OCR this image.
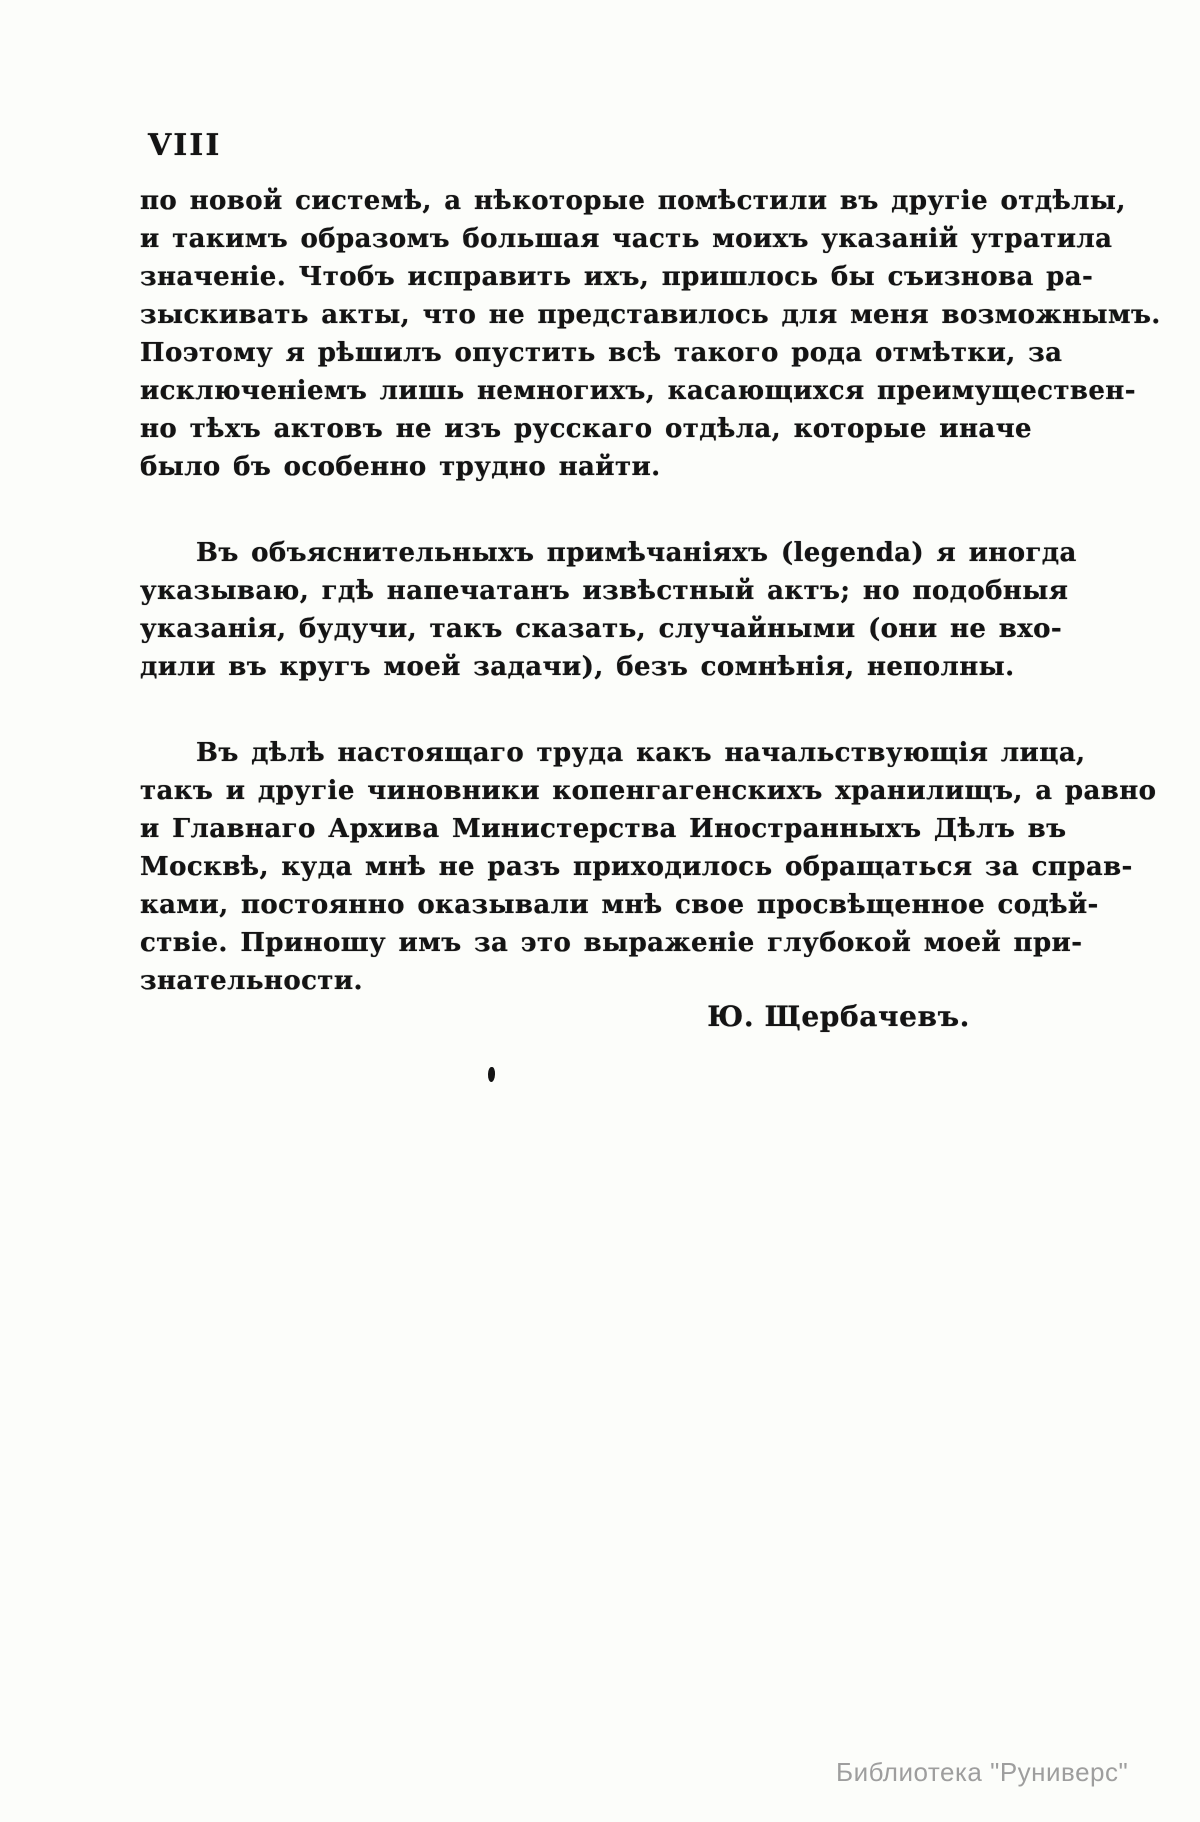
VIII
по новой системѣ, а нѣкоторые помѣстили въ другіе отдѣлы,
и такимъ образомъ большая часть моихъ указаній утратила
значеніе. Чтобъ исправить ихъ, пришлось бы съизнова ра-
зыскивать акты, что не представилось для меня возможнымъ.
Поэтому я рѣшилъ опустить всѣ такого рода отмѣтки, за
исключеніемъ лишь немногихъ, касающихся преимуществен-
но тѣхъ актовъ не изъ русскаго отдѣла, которые иначе
было бъ особенно трудно найти.
Въ объяснительныхъ примѣчаніяхъ (legenda) я иногда
указываю, гдѣ напечатанъ извѣстный актъ; но подобныя
указанія, будучи, такъ сказать, случайными (они не вхо-
дили въ кругъ моей задачи), безъ сомнѣнія, неполны.
Въ дѣлѣ настоящаго труда какъ начальствующія лица,
такъ и другіе чиновники копенгагенскихъ хранилищъ, а равно
и Главнаго Архива Министерства Иностранныхъ Дѣлъ въ
Москвѣ, куда мнѣ не разъ приходилось обращаться за справ-
ками, постоянно оказывали мнѣ свое просвѣщенное содѣй-
ствіе. Приношу имъ за это выраженіе глубокой моей при-
знательности.
Ю. Щербачевъ.
Библиотека "Руниверс"
